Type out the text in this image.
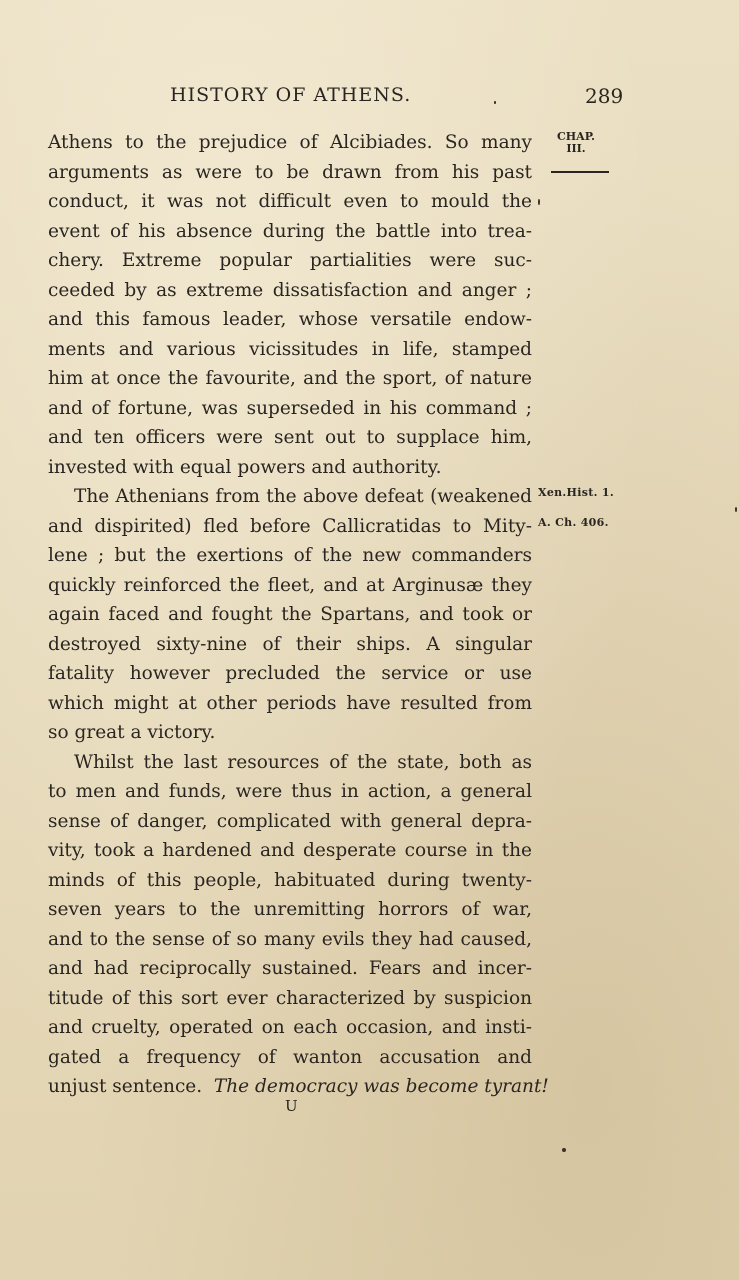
HISTORY OF ATHENS.	289
CHAP.
III.
Xen.Hist. 1.
A. Ch. 406.
Athens to the prejudice of Alcibiades. So many
arguments as were to be drawn from his past
conduct, it was not difficult even to mould the
event of his absence during the battle into trea-
chery. Extreme popular partialities were suc-
ceeded by as extreme dissatisfaction and anger ;
and this famous leader, whose versatile endow-
ments and various vicissitudes in life, stamped
him at once the favourite, and the sport, of nature
and of fortune, was superseded in his command ;
and ten officers were sent out to supplace him,
invested with equal powers and authority.
The Athenians from the above defeat (weakened
and dispirited) fled before Callicratidas to Mity-
lene ; but the exertions of the new commanders
quickly reinforced the fleet, and at Arginusæ they
again faced and fought the Spartans, and took or
destroyed sixty-nine of their ships. A singular
fatality however precluded the service or use
which might at other periods have resulted from
so great a victory.
Whilst the last resources of the state, both as
to men and funds, were thus in action, a general
sense of danger, complicated with general depra-
vity, took a hardened and desperate course in the
minds of this people, habituated during twenty-
seven years to the unremitting horrors of war,
and to the sense of so many evils they had caused,
and had reciprocally sustained. Fears and incer-
titude of this sort ever characterized by suspicion
and cruelty, operated on each occasion, and insti-
gated a frequency of wanton accusation and
unjust sentence. The democracy was become tyrant!
U
